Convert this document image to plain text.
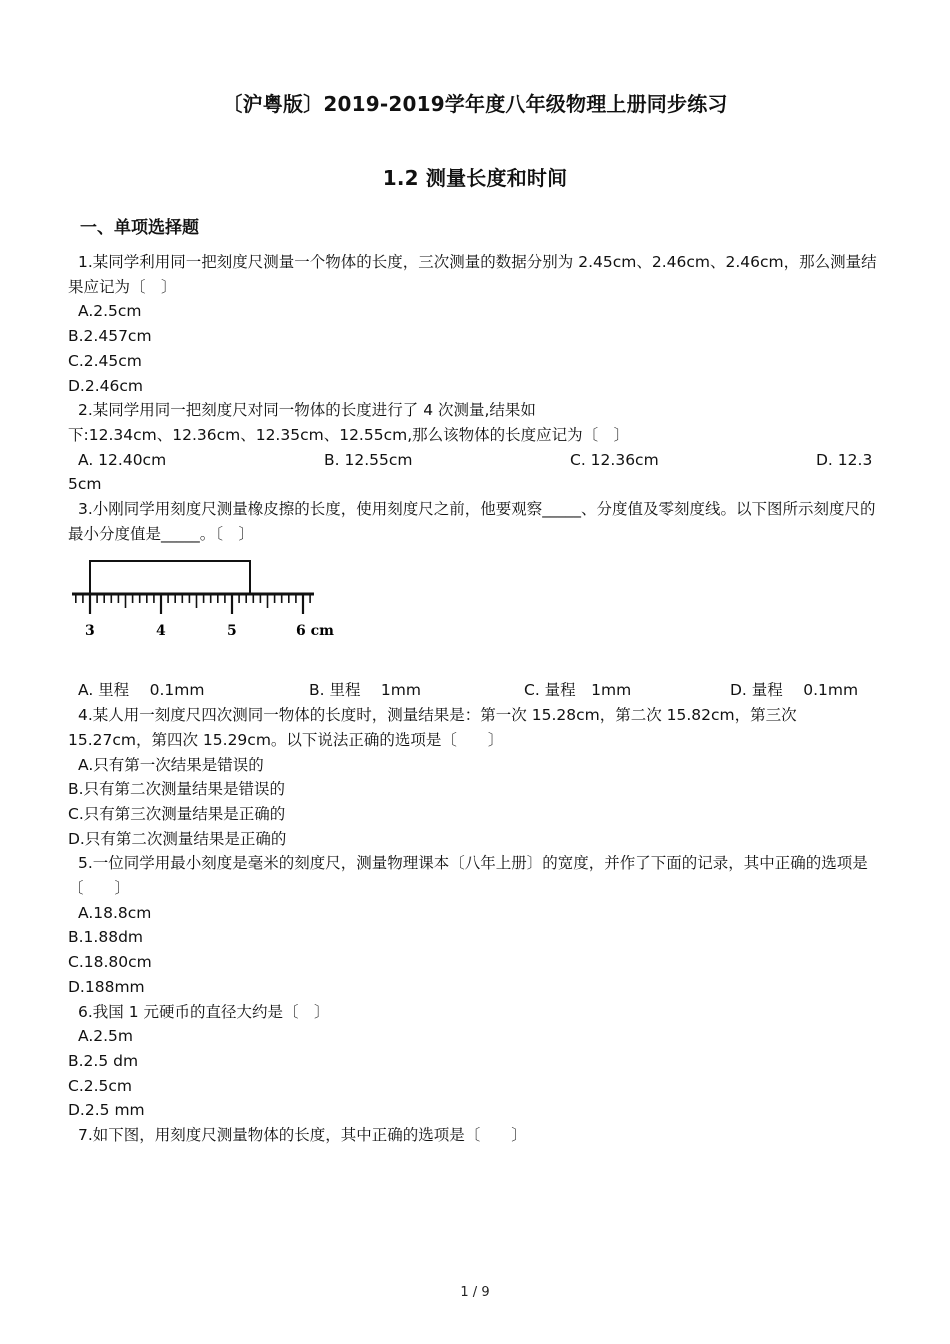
〔沪粤版〕2019-2019学年度八年级物理上册同步练习
1.2 测量长度和时间
一、单项选择题

1.某同学利用同一把刻度尺测量一个物体的长度，三次测量的数据分别为 2.45cm、2.46cm、2.46cm，那么测量结果应记为〔　〕

A.2.5cm

B.2.457cm

C.2.45cm

D.2.46cm

2.某同学用同一把刻度尺对同一物体的长度进行了 4 次测量,结果如

下:12.34cm、12.36cm、12.35cm、12.55cm,那么该物体的长度应记为〔　〕

A. 12.40cm	B. 12.55cm	C. 12.36cm	D. 12.3

5cm

3.小刚同学用刻度尺测量橡皮擦的长度，使用刻度尺之前，他要观察_____、分度值及零刻度线。以下图所示刻度尺的最小分度值是_____。〔　〕

3	4	5	6 cm
A. 里程　 0.1mm	B. 里程　 1mm	C. 量程　1mm	D. 量程　 0.1mm

4.某人用一刻度尺四次测同一物体的长度时，测量结果是：第一次 15.28cm，第二次 15.82cm，第三次 15.27cm，第四次 15.29cm。以下说法正确的选项是〔　　〕

A.只有第一次结果是错误的

B.只有第二次测量结果是错误的

C.只有第三次测量结果是正确的

D.只有第二次测量结果是正确的

5.一位同学用最小刻度是毫米的刻度尺，测量物理课本〔八年上册〕的宽度，并作了下面的记录，其中正确的选项是〔　　〕

A.18.8cm

B.1.88dm

C.18.80cm

D.188mm

6.我国 1 元硬币的直径大约是〔　〕

A.2.5m

B.2.5 dm

C.2.5cm

D.2.5 mm

7.如下图，用刻度尺测量物体的长度，其中正确的选项是〔　　〕

1 / 9
